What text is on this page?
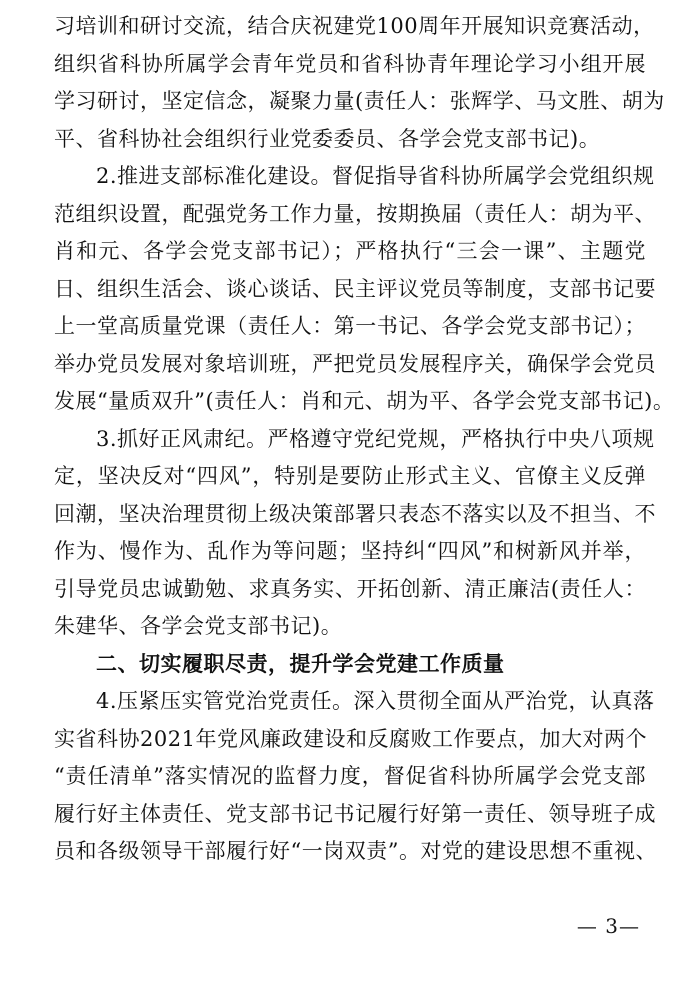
习培训和研讨交流，结合庆祝建党100周年开展知识竞赛活动，
组织省科协所属学会青年党员和省科协青年理论学习小组开展
学习研讨，坚定信念，凝聚力量(责任人：张辉学、马文胜、胡为
平、省科协社会组织行业党委委员、各学会党支部书记)。
2.推进支部标准化建设。督促指导省科协所属学会党组织规
范组织设置，配强党务工作力量，按期换届（责任人：胡为平、
肖和元、各学会党支部书记）；严格执行“三会一课”、主题党
日、组织生活会、谈心谈话、民主评议党员等制度，支部书记要
上一堂高质量党课（责任人：第一书记、各学会党支部书记）；
举办党员发展对象培训班，严把党员发展程序关，确保学会党员
发展“量质双升”(责任人：肖和元、胡为平、各学会党支部书记)。
3.抓好正风肃纪。严格遵守党纪党规，严格执行中央八项规
定，坚决反对“四风”，特别是要防止形式主义、官僚主义反弹
回潮，坚决治理贯彻上级决策部署只表态不落实以及不担当、不
作为、慢作为、乱作为等问题；坚持纠“四风”和树新风并举，
引导党员忠诚勤勉、求真务实、开拓创新、清正廉洁(责任人：
朱建华、各学会党支部书记)。
二、切实履职尽责，提升学会党建工作质量
4.压紧压实管党治党责任。深入贯彻全面从严治党，认真落
实省科协2021年党风廉政建设和反腐败工作要点，加大对两个
“责任清单”落实情况的监督力度，督促省科协所属学会党支部
履行好主体责任、党支部书记书记履行好第一责任、领导班子成
员和各级领导干部履行好“一岗双责”。对党的建设思想不重视、
— 3—
